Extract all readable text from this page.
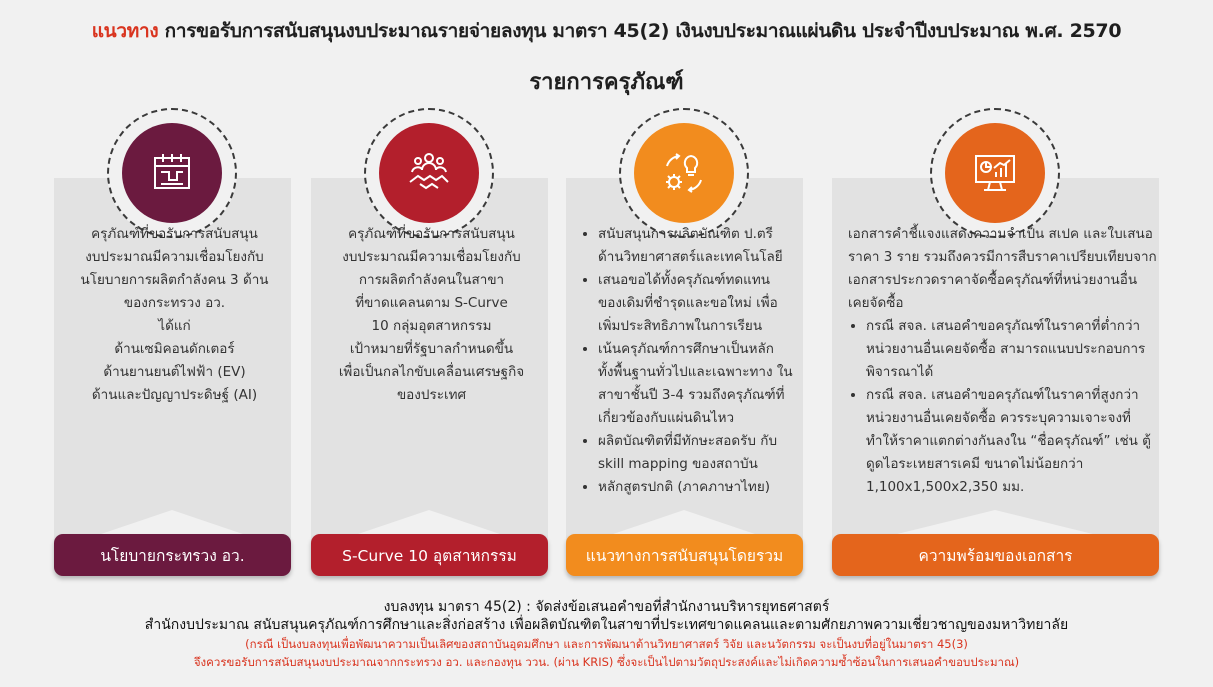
แนวทาง การขอรับการสนับสนุนงบประมาณรายจ่ายลงทุน มาตรา 45(2) เงินงบประมาณแผ่นดิน ประจำปีงบประมาณ พ.ศ. 2570
รายการครุภัณฑ์
ครุภัณฑ์ที่ขอรับการสนับสนุน
งบประมาณมีความเชื่อมโยงกับ
นโยบายการผลิตกำลังคน 3 ด้าน
ของกระทรวง อว.
ได้แก่
ด้านเซมิคอนดักเตอร์
ด้านยานยนต์ไฟฟ้า (EV)
ด้านและปัญญาประดิษฐ์ (AI)
นโยบายกระทรวง อว.
ครุภัณฑ์ที่ขอรับการสนับสนุน
งบประมาณมีความเชื่อมโยงกับ
การผลิตกำลังคนในสาขา
ที่ขาดแคลนตาม S-Curve
10 กลุ่มอุตสาหกรรม
เป้าหมายที่รัฐบาลกำหนดขึ้น
เพื่อเป็นกลไกขับเคลื่อนเศรษฐกิจ
ของประเทศ
S-Curve 10 อุตสาหกรรม
• สนับสนุนการผลิตบัณฑิต ป.ตรี ด้านวิทยาศาสตร์และเทคโนโลยี
• เสนอขอได้ทั้งครุภัณฑ์ทดแทนของเดิมที่ชำรุดและขอใหม่ เพื่อเพิ่มประสิทธิภาพในการเรียน
• เน้นครุภัณฑ์การศึกษาเป็นหลัก ทั้งพื้นฐานทั่วไปและเฉพาะทาง ในสาขาชั้นปี 3-4 รวมถึงครุภัณฑ์ที่เกี่ยวข้องกับแผ่นดินไหว
• ผลิตบัณฑิตที่มีทักษะสอดรับ กับ skill mapping ของสถาบัน
• หลักสูตรปกติ (ภาคภาษาไทย)
แนวทางการสนับสนุนโดยรวม
เอกสารคำชี้แจงแสดงความจำเป็น สเปค และใบเสนอราคา 3 ราย รวมถึงควรมีการสืบราคาเปรียบเทียบจากเอกสารประกวดราคาจัดซื้อครุภัณฑ์ที่หน่วยงานอื่นเคยจัดซื้อ
• กรณี สจล. เสนอคำขอครุภัณฑ์ในราคาที่ต่ำกว่าหน่วยงานอื่นเคยจัดซื้อ สามารถแนบประกอบการพิจารณาได้
• กรณี สจล. เสนอคำขอครุภัณฑ์ในราคาที่สูงกว่าหน่วยงานอื่นเคยจัดซื้อ ควรระบุความเจาะจงที่ทำให้ราคาแตกต่างกันลงใน “ชื่อครุภัณฑ์” เช่น ตู้ดูดไอระเหยสารเคมี ขนาดไม่น้อยกว่า 1,100x1,500x2,350 มม.
ความพร้อมของเอกสาร
งบลงทุน มาตรา 45(2) : จัดส่งข้อเสนอคำขอที่สำนักงานบริหารยุทธศาสตร์
สำนักงบประมาณ สนับสนุนครุภัณฑ์การศึกษาและสิ่งก่อสร้าง เพื่อผลิตบัณฑิตในสาขาที่ประเทศขาดแคลนและตามศักยภาพความเชี่ยวชาญของมหาวิทยาลัย
(กรณี เป็นงบลงทุนเพื่อพัฒนาความเป็นเลิศของสถาบันอุดมศึกษา และการพัฒนาด้านวิทยาศาสตร์ วิจัย และนวัตกรรม จะเป็นงบที่อยู่ในมาตรา 45(3)
จึงควรขอรับการสนับสนุนงบประมาณจากกระทรวง อว. และกองทุน ววน. (ผ่าน KRIS) ซึ่งจะเป็นไปตามวัตถุประสงค์และไม่เกิดความซ้ำซ้อนในการเสนอคำขอบประมาณ)
